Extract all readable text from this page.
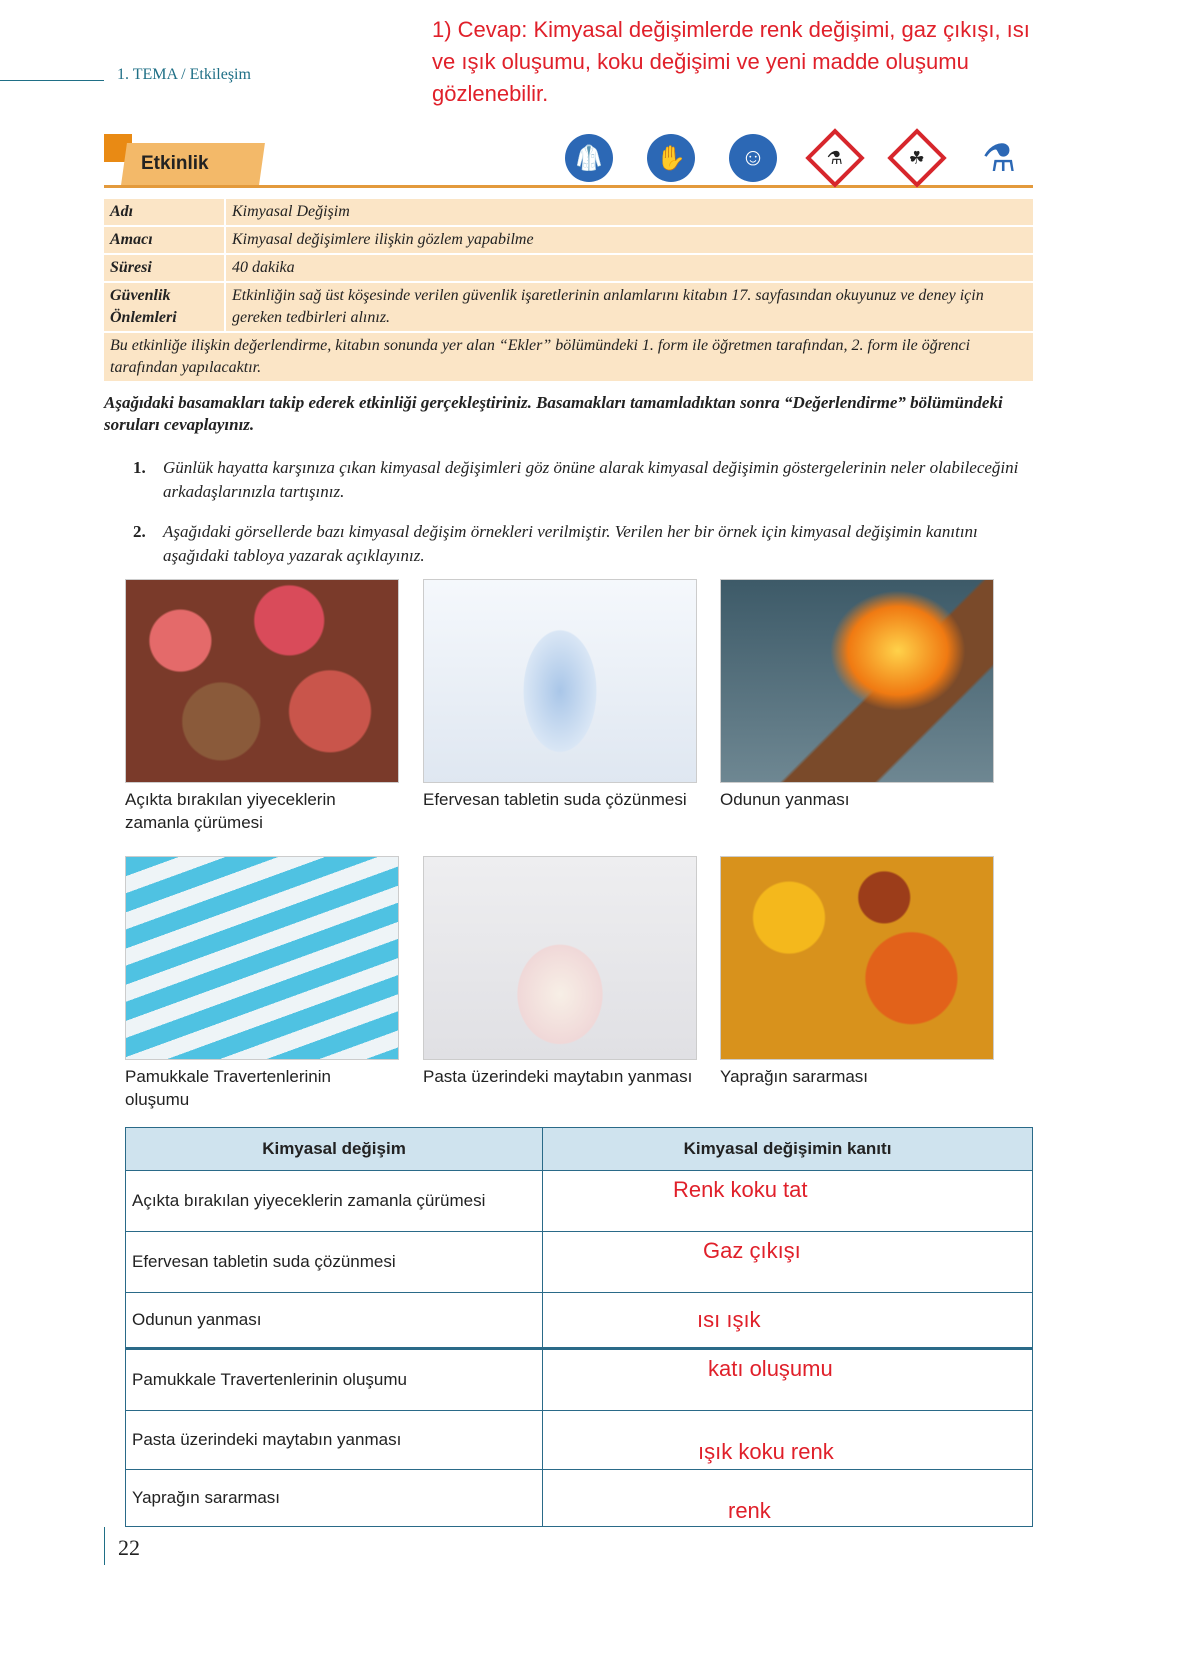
1. TEMA / Etkileşim
1) Cevap: Kimyasal değişimlerde renk değişimi, gaz çıkışı, ısı ve ışık oluşumu, koku değişimi ve yeni madde oluşumu gözlenebilir.
Etkinlik	🥼	✋	☺	⚗	☘ ⚗
Adı	Kimyasal Değişim
Amacı	Kimyasal değişimlere ilişkin gözlem yapabilme
Süresi	40 dakika
Güvenlik Önlemleri	Etkinliğin sağ üst köşesinde verilen güvenlik işaretlerinin anlamlarını kitabın 17. sayfasından okuyunuz ve deney için gereken tedbirleri alınız.
Bu etkinliğe ilişkin değerlendirme, kitabın sonunda yer alan “Ekler” bölümündeki 1. form ile öğretmen tarafından, 2. form ile öğrenci tarafından yapılacaktır.	
Aşağıdaki basamakları takip ederek etkinliği gerçekleştiriniz. Basamakları tamamladıktan sonra “Değerlendirme” bölümündeki soruları cevaplayınız.
1.	Günlük hayatta karşınıza çıkan kimyasal değişimleri göz önüne alarak kimyasal değişimin göstergelerinin neler olabileceğini arkadaşlarınızla tartışınız.
2.	Aşağıdaki görsellerde bazı kimyasal değişim örnekleri verilmiştir. Verilen her bir örnek için kimyasal değişimin kanıtını aşağıdaki tabloya yazarak açıklayınız.
Açıkta bırakılan yiyeceklerin zamanla çürümesi
Efervesan tabletin suda çözünmesi	Odunun yanması
Pamukkale Travertenlerinin oluşumu
Pasta üzerindeki maytabın yanması Yaprağın sararması
Kimyasal değişim	Kimyasal değişimin kanıtı
Açıkta bırakılan yiyeceklerin zamanla çürümesi	Renk koku tat
Efervesan tabletin suda çözünmesi	Gaz çıkışı
Odunun yanması	ısı ışık
Pamukkale Travertenlerinin oluşumu	katı oluşumu
Pasta üzerindeki maytabın yanması	ışık koku renk
Yaprağın sararması	renk
22
